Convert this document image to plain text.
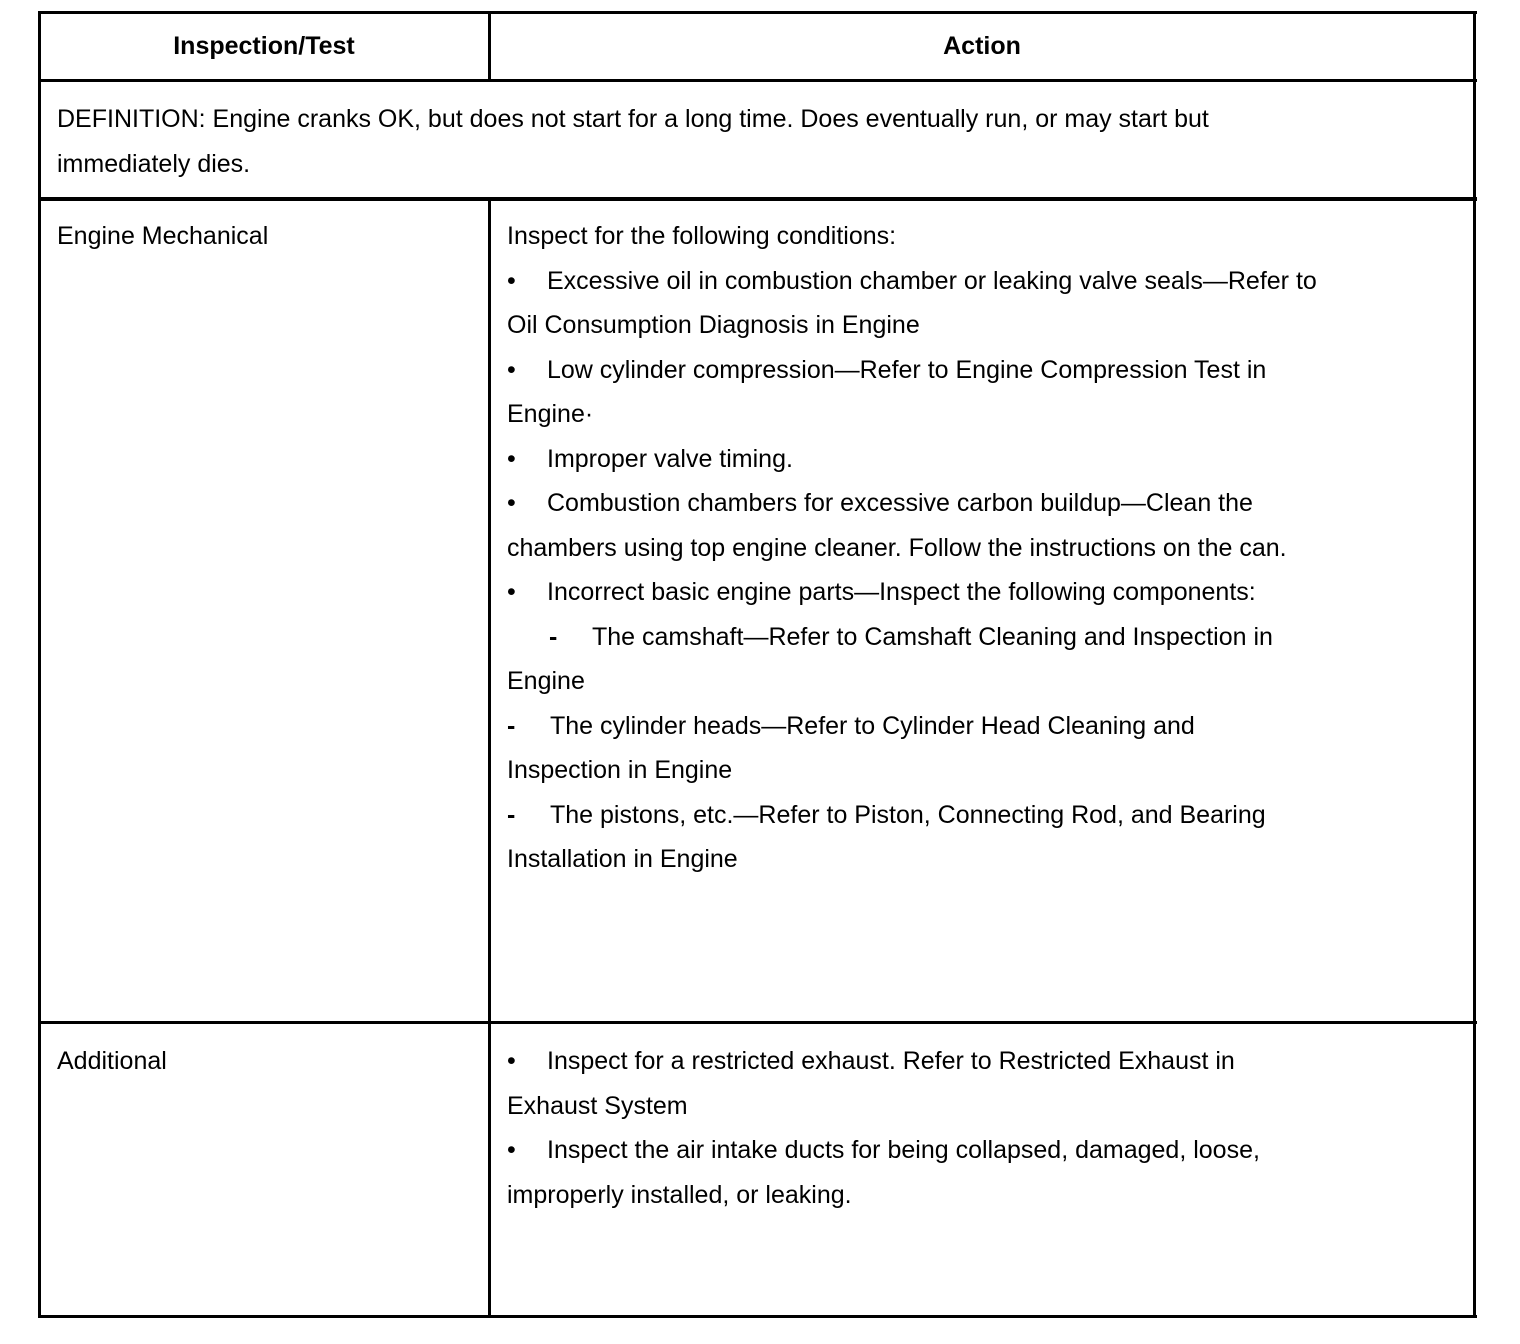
Inspection/Test	Action
DEFINITION: Engine cranks OK, but does not start for a long time. Does eventually run, or may start but
immediately dies.
Engine Mechanical	Inspect for the following conditions:
• Excessive oil in combustion chamber or leaking valve seals—Refer to
Oil Consumption Diagnosis in Engine
• Low cylinder compression—Refer to Engine Compression Test in
Engine·
• Improper valve timing.
• Combustion chambers for excessive carbon buildup—Clean the
chambers using top engine cleaner. Follow the instructions on the can.
• Incorrect basic engine parts—Inspect the following components:
- The camshaft—Refer to Camshaft Cleaning and Inspection in
Engine
- The cylinder heads—Refer to Cylinder Head Cleaning and
Inspection in Engine
- The pistons, etc.—Refer to Piston, Connecting Rod, and Bearing
Installation in Engine
Additional	• Inspect for a restricted exhaust. Refer to Restricted Exhaust in
Exhaust System
• Inspect the air intake ducts for being collapsed, damaged, loose,
improperly installed, or leaking.
